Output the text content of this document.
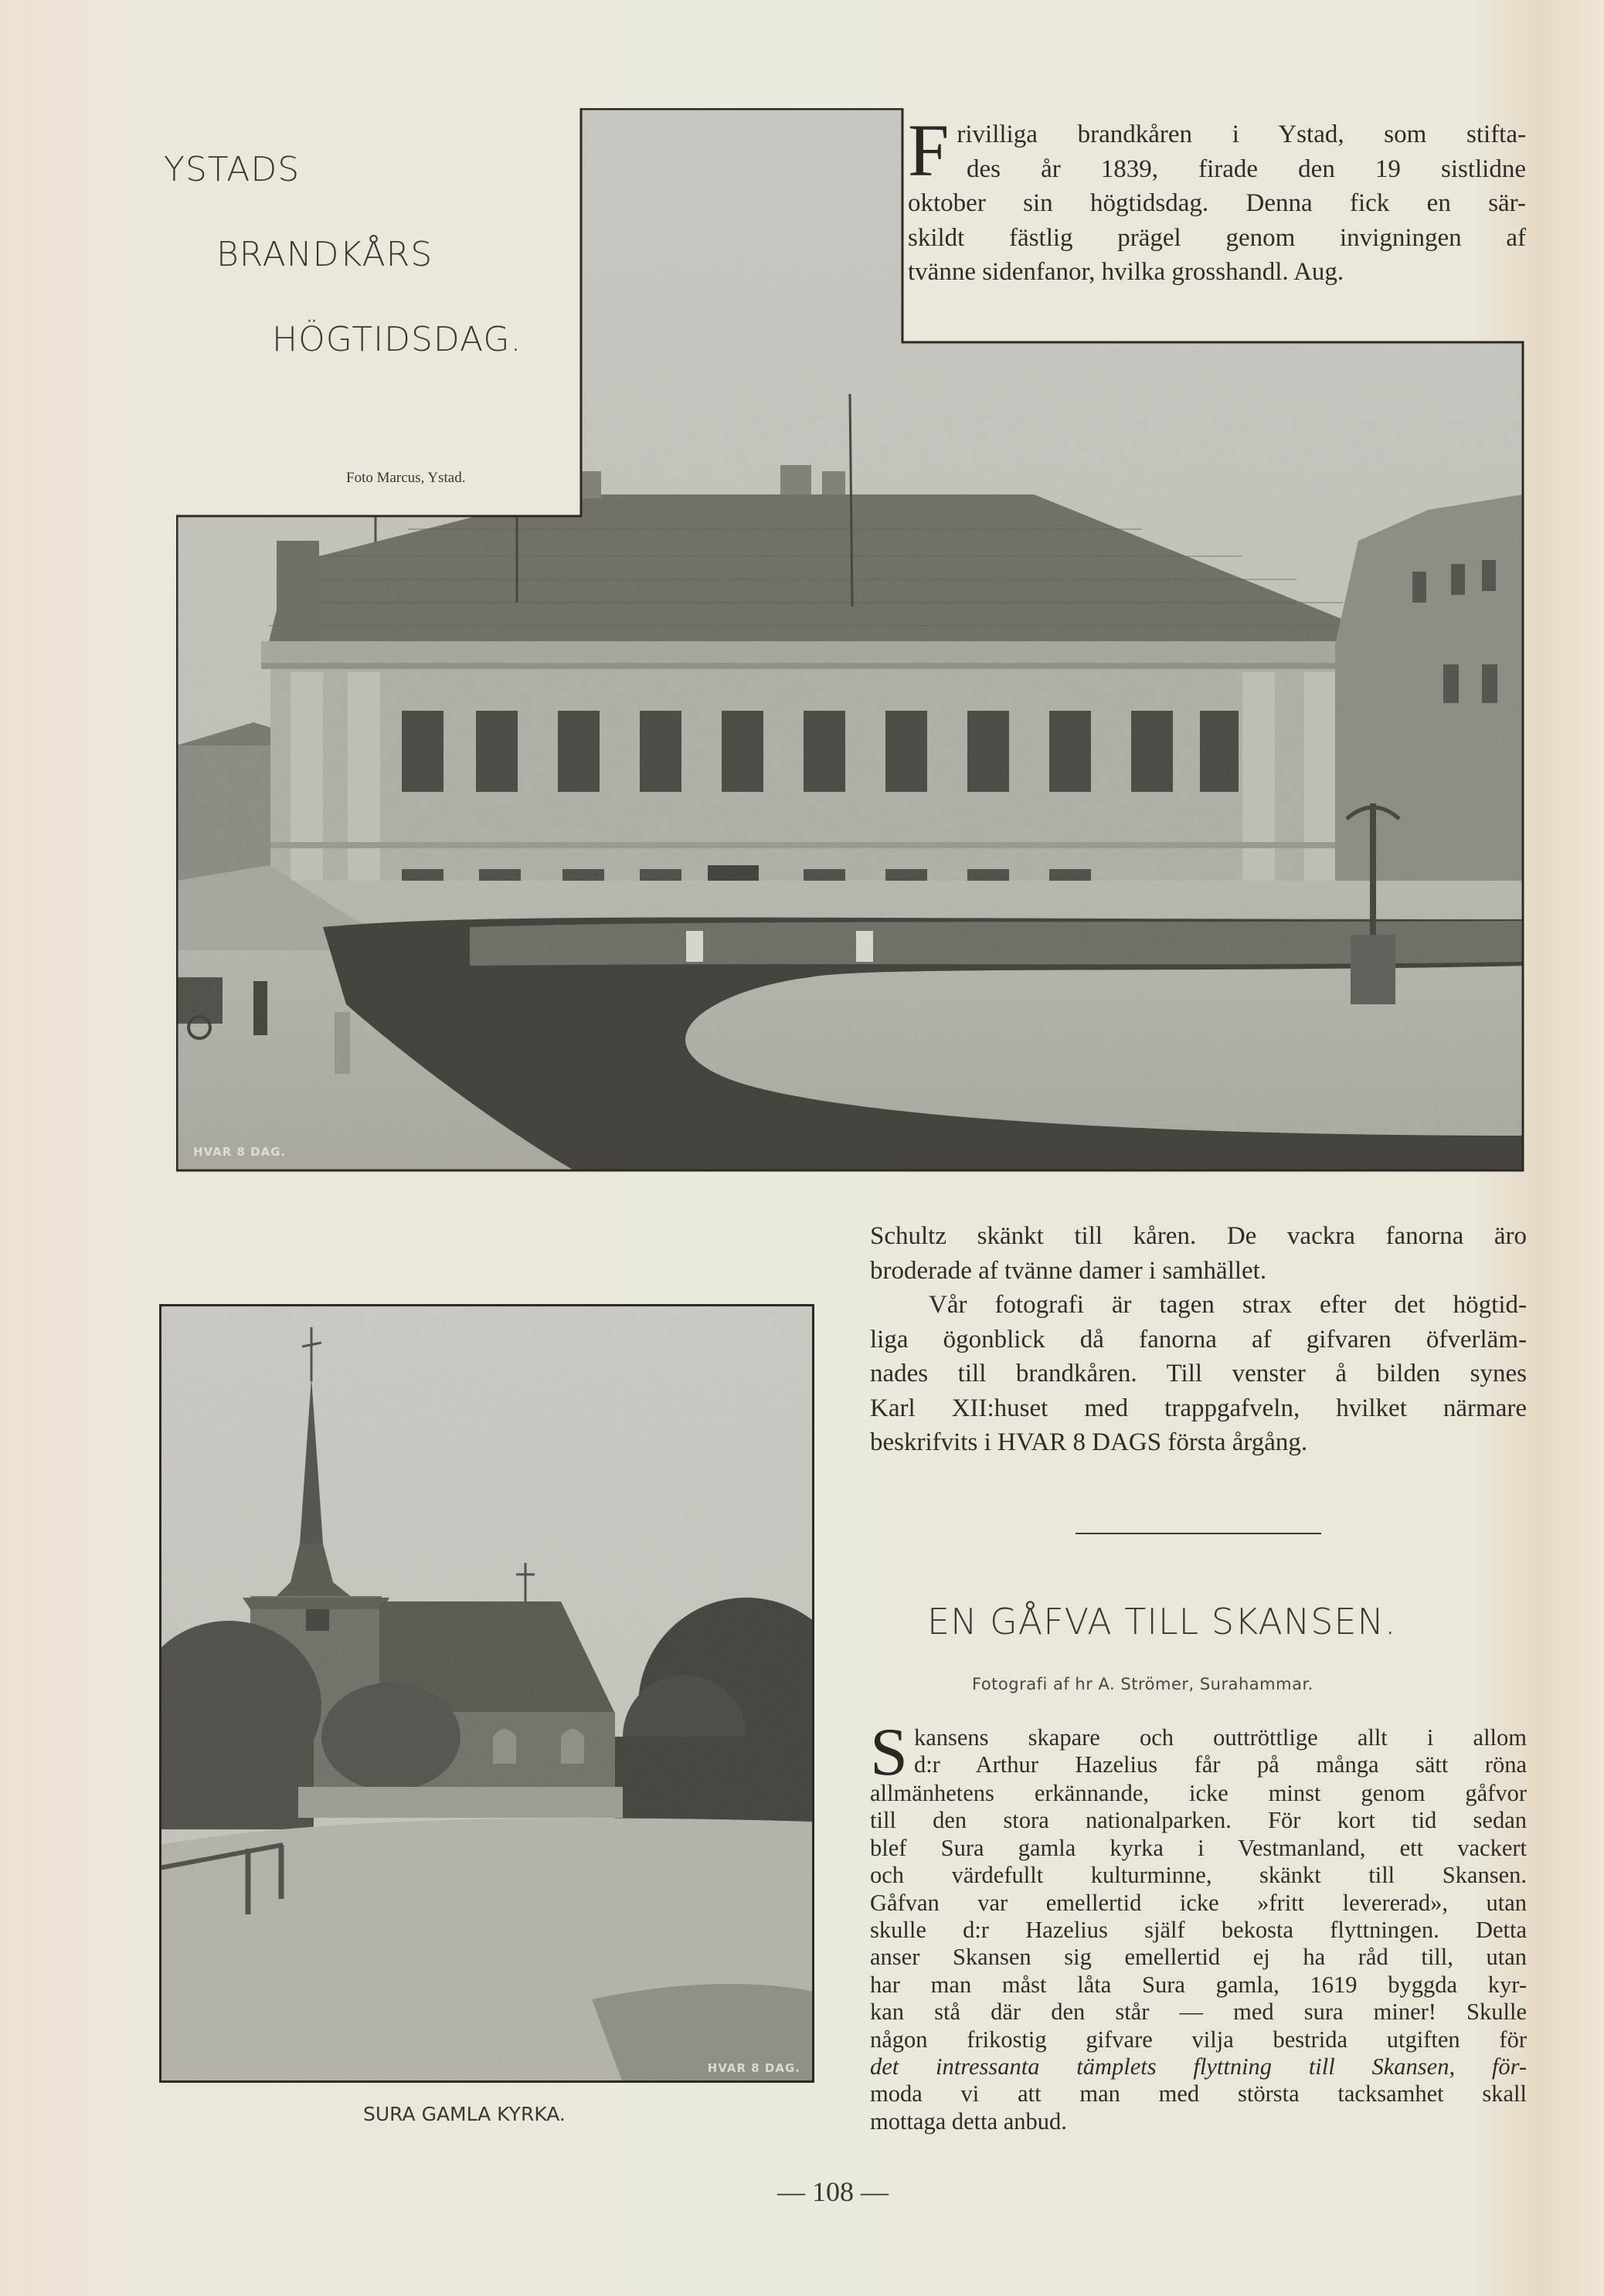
YSTADS
BRANDKÅRS
HÖGTIDSDAG.
Foto Marcus, Ystad.
HVAR 8 DAG.
F rivilliga brandkåren i Ystad, som stifta-
des år 1839, firade den 19 sistlidne
oktober sin högtidsdag. Denna fick en sär-
skildt fästlig prägel genom invigningen af
tvänne sidenfanor, hvilka grosshandl. Aug.
Schultz skänkt till kåren. De vackra fanorna äro
broderade af tvänne damer i samhället.
Vår fotografi är tagen strax efter det högtid-
liga ögonblick då fanorna af gifvaren öfverläm-
nades till brandkåren. Till venster å bilden synes
Karl XII:huset med trappgafveln, hvilket närmare
beskrifvits i HVAR 8 DAGS första årgång.
EN GÅFVA TILL SKANSEN.
Fotografi af hr A. Strömer, Surahammar.
S kansens skapare och outtröttlige allt i allom
d:r Arthur Hazelius får på många sätt röna
allmänhetens erkännande, icke minst genom gåfvor
till den stora nationalparken. För kort tid sedan
blef Sura gamla kyrka i Vestmanland, ett vackert
och värdefullt kulturminne, skänkt till Skansen.
Gåfvan var emellertid icke »fritt levererad», utan
skulle d:r Hazelius själf bekosta flyttningen. Detta
anser Skansen sig emellertid ej ha råd till, utan
har man måst låta Sura gamla, 1619 byggda kyr-
kan stå där den står — med sura miner! Skulle
någon frikostig gifvare vilja bestrida utgiften för
det intressanta tämplets flyttning till Skansen, för-
moda vi att man med största tacksamhet skall
mottaga detta anbud.
HVAR 8 DAG.
SURA GAMLA KYRKA.
— 108 —
